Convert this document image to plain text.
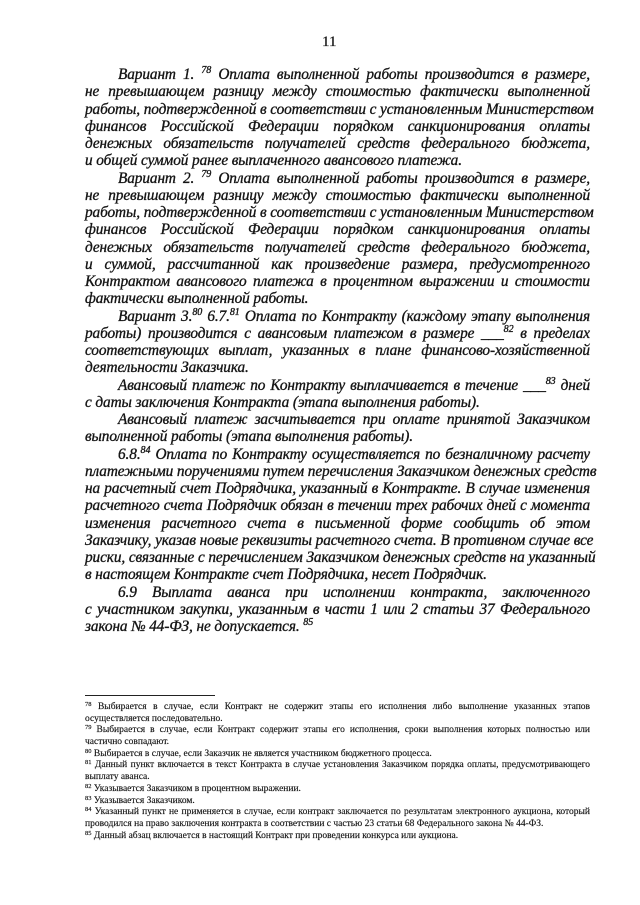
11
Вариант 1. $^{78}$ Оплата выполненной работы производится в размере,
не превышающем разницу между стоимостью фактически выполненной
работы, подтвержденной в соответствии с установленным Министерством
финансов Российской Федерации порядком санкционирования оплаты
денежных обязательств получателей средств федерального бюджета,
и общей суммой ранее выплаченного авансового платежа.
Вариант 2. $^{79}$ Оплата выполненной работы производится в размере,
не превышающем разницу между стоимостью фактически выполненной
работы, подтвержденной в соответствии с установленным Министерством
финансов Российской Федерации порядком санкционирования оплаты
денежных обязательств получателей средств федерального бюджета,
и суммой, рассчитанной как произведение размера, предусмотренного
Контрактом авансового платежа в процентном выражении и стоимости
фактически выполненной работы.
Вариант 3.80 6.7.81 Оплата по Контракту (каждому этапу выполнения
работы) производится с авансовым платежом в размере ___$^{82}$ в пределах
соответствующих выплат, указанных в плане финансово-хозяйственной
деятельности Заказчика.
Авансовый платеж по Контракту выплачивается в течение ___$^{83}$ дней
с даты заключения Контракта (этапа выполнения работы).
Авансовый платеж засчитывается при оплате принятой Заказчиком
выполненной работы (этапа выполнения работы).
6.8.84 Оплата по Контракту осуществляется по безналичному расчету
платежными поручениями путем перечисления Заказчиком денежных средств
на расчетный счет Подрядчика, указанный в Контракте. В случае изменения
расчетного счета Подрядчик обязан в течении трех рабочих дней с момента
изменения расчетного счета в письменной форме сообщить об этом
Заказчику, указав новые реквизиты расчетного счета. В противном случае все
риски, связанные с перечислением Заказчиком денежных средств на указанный
в настоящем Контракте счет Подрядчика, несет Подрядчик.
6.9 Выплата аванса при исполнении контракта, заключенного
с участником закупки, указанным в части 1 или 2 статьи 37 Федерального
закона № 44-ФЗ, не допускается. $^{85}$
$^{78}$ Выбирается в случае, если Контракт не содержит этапы его исполнения либо выполнение указанных этапов
осуществляется последовательно.
$^{79}$ Выбирается в случае, если Контракт содержит этапы его исполнения, сроки выполнения которых полностью или
частично совпадают.
$^{80}$ Выбирается в случае, если Заказчик не является участником бюджетного процесса.
$^{81}$ Данный пункт включается в текст Контракта в случае установления Заказчиком порядка оплаты, предусмотривающего
выплату аванса.
$^{82}$ Указывается Заказчиком в процентном выражении.
$^{83}$ Указывается Заказчиком.
$^{84}$ Указанный пункт не применяется в случае, если контракт заключается по результатам электронного аукциона, который
проводился на право заключения контракта в соответствии с частью 23 статьи 68 Федерального закона № 44-ФЗ.
$^{85}$ Данный абзац включается в настоящий Контракт при проведении конкурса или аукциона.
